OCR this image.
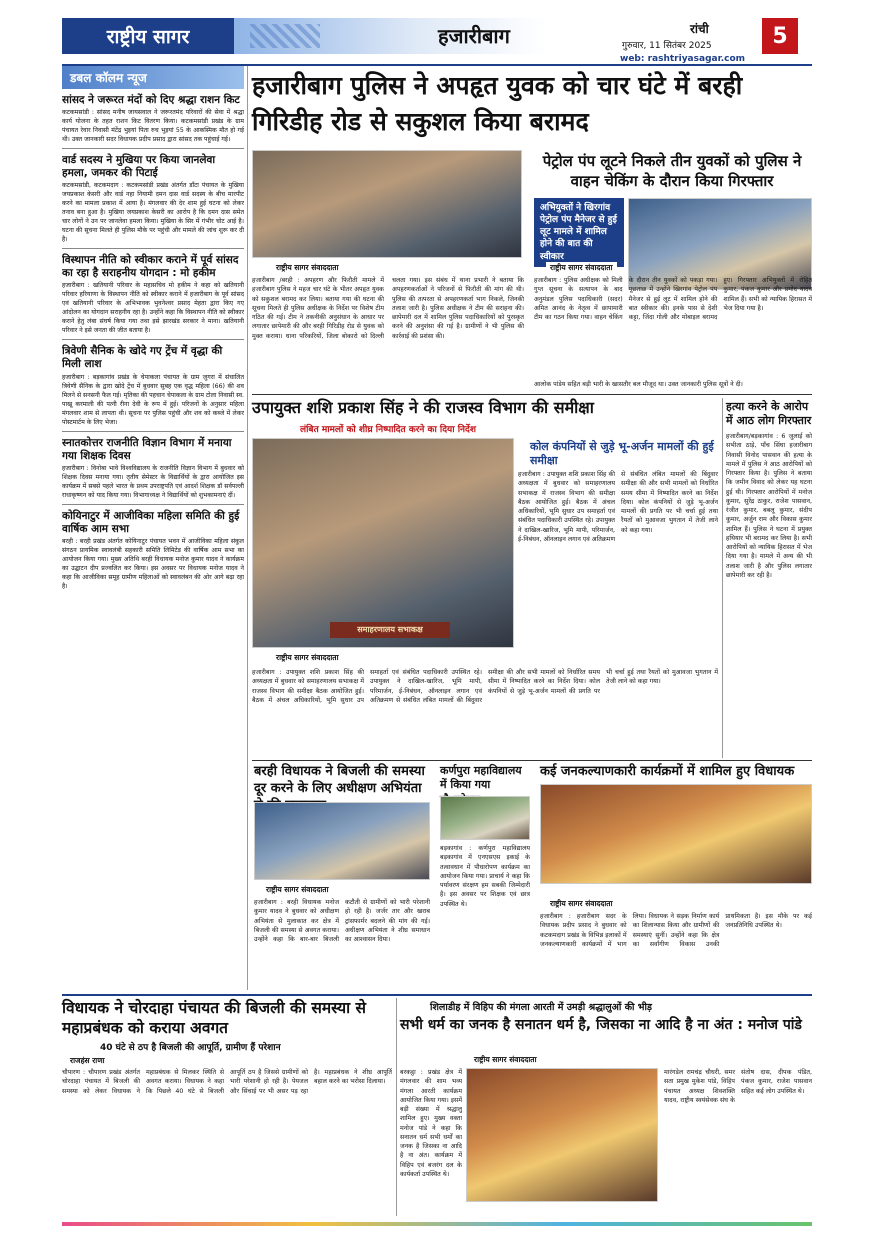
राष्ट्रीय सागर	हजारीबाग	रांची
गुरुवार, 11 सितंबर 2025
web: rashtriyasagar.com
5
डबल कॉलम न्यूज
सांसद ने जरूरत मंदों को दिए श्रद्धा राशन किट
कटकमसांडी : सांसद मनीष जायसवाल ने जरूरतमंद परिवारों की सेवा में श्रद्धा कार्य योजना के तहत राशन किट वितरण किया। कटकमसांडी प्रखंड के ग्राम पंचायत रेवार निवासी मंटेंद्र भुइयां पिता रुच भुइयां 55 के आकस्मिक मौत हो गई थी। उक्त जानकारी सदर विधायक प्रदीप प्रसाद द्वारा सांसद तक पहुंचाई गई।
वार्ड सदस्य ने मुखिया पर किया जानलेवा हमला, जमकर की पिटाई
कटकमसांडी, कटकमदाग : कटकमसांडी प्रखंड अंतर्गत डाँटा पंचायत के मुखिया जयप्रकाश केसरी और वार्ड नहा नियामी दमन दास वार्ड सदस्य के बीच मारपीट करने का मामला प्रकाश में आया है। मंगलवार की देर शाम हुई घटना को लेकर तनाव बना हुआ है। मुखिया जयप्रकाश केसरी का आरोप है कि दमन दास समेत चार लोगों ने उन पर जानलेवा हमला किया। मुखिया के सिर में गंभीर चोट आई है। घटना की सूचना मिलते ही पुलिस मौके पर पहुंची और मामले की जांच शुरू कर दी है।
विस्थापन नीति को स्वीकार कराने में पूर्व सांसद का रहा है सराहनीय योगदान : मो हकीम
हजारीबाग : खतियानी परिवार के महासचिव मो हकीम ने कहा को खतियानी परिवार हरियाणा के विस्थापन नीति को स्वीकार कराने में हजारीबाग के पूर्व सांसद एवं खतियानी परिवार के अभिभावक भुवनेश्वर प्रसाद मेहता द्वारा किए गए आंदोलन का योगदान सराहनीय रहा है। उन्होंने कहा कि विस्थापन नीति को स्वीकार कराने हेतु लंबा संघर्ष किया गया तथा इसे झारखंड सरकार ने माना। खतियानी परिवार ने इसे जनता की जीत बताया है।
त्रिवेणी सैनिक के खोदे गए ट्रेंच में वृद्धा की मिली लाश
हजारीबाग : बड़कागांव प्रखंड के चेपाकला पंचायत के ग्राम जुगरा में संचालित त्रिवेणी सैनिक के द्वारा खोदे ट्रेंच में बुधवार सुबह एक वृद्ध महिला (66) की शव मिलने से सनसनी फैल गई। मृतिका की पहचान चेपाकला के ग्राम टोला निवासी स्व. पाखू करमाली की पत्नी रीना देवी के रूप में हुई। परिजनों के अनुसार महिला मंगलवार शाम से लापता थी। सूचना पर पुलिस पहुंची और शव को कब्जे में लेकर पोस्टमार्टम के लिए भेजा।
स्नातकोत्तर राजनीति विज्ञान विभाग में मनाया गया शिक्षक दिवस
हजारीबाग : विनोबा भावे विश्वविद्यालय के राजनीति विज्ञान विभाग में बुधवार को शिक्षक दिवस मनाया गया। तृतीय सेमेस्टर के विद्यार्थियों के द्वारा आयोजित इस कार्यक्रम में सबसे पहले भारत के प्रथम उपराष्ट्रपति एवं आदर्श शिक्षक डॉ सर्वपल्ली राधाकृष्णन को याद किया गया। विभागाध्यक्ष ने विद्यार्थियों को शुभकामनाएं दीं।
कोयिनाटुर में आजीविका महिला समिति की हुई वार्षिक आम सभा
बरही : बरही प्रखंड अंतर्गत कोयिनाटुर पंचायत भवन में आजीविका महिला संकुल संगठन प्रायमिक स्वावलंबी सहकारी समिति लिमिटेड की वार्षिक आम सभा का आयोजन किया गया। मुख्य अतिथि बरही विधायक मनोज कुमार यादव ने कार्यक्रम का उद्घाटन दीप प्रज्वलित कर किया। इस अवसर पर विधायक मनोज यादव ने कहा कि आजीविका समूह ग्रामीण महिलाओं को स्वावलंबन की ओर आगे बढ़ा रहा है।
हजारीबाग पुलिस ने अपहृत युवक को चार घंटे में बरही गिरिडीह रोड से सकुशल किया बरामद
राष्ट्रीय सागर संवाददाता
हजारीबाग /बरही : अपहरण और फिरौती मामले में हजारीबाग पुलिस ने महज चार घंटे के भीतर अपहृत युवक को सकुशल बरामद कर लिया। बताया गया की घटना की सूचना मिलते ही पुलिस अधीक्षक के निर्देश पर विशेष टीम गठित की गई। टीम ने तकनीकी अनुसंधान के आधार पर लगातार छापेमारी की और बरही गिरिडीह रोड से युवक को मुक्त कराया। धाना परिकरियों, जिला बोकारो को दिल्ली चलता गया। इस संबंध में थाना प्रभारी ने बताया कि अपहरणकर्ताओं ने परिजनों से फिरौती की मांग की थी। पुलिस की तत्परता से अपहरणकर्ता भाग निकले, जिनकी तलाश जारी है। पुलिस अधीक्षक ने टीम की सराहना की। छापेमारी दल में शामिल पुलिस पदाधिकारियों को पुरस्कृत करने की अनुशंसा की गई है। ग्रामीणों ने भी पुलिस की कार्रवाई की प्रशंसा की।
पेट्रोल पंप लूटने निकले तीन युवकों को पुलिस ने वाहन चेकिंग के दौरान किया गिरफ्तार
अभियुक्तों ने खिरगांव पेट्रोल पंप मैनेजर से हुई लूट मामले में शामिल होने की बात की स्वीकार
राष्ट्रीय सागर संवाददाता
हजारीबाग : पुलिस अधीक्षक को मिली गुप्त सूचना के सत्यापन के बाद अनुमंडल पुलिस पदाधिकारी (सदर) अमित आनंद के नेतृत्व में छापामारी टीम का गठन किया गया। वाहन चेकिंग के दौरान तीन युवकों को पकड़ा गया। पूछताछ में उन्होंने खिरगांव पेट्रोल पंप मैनेजर से हुई लूट में शामिल होने की बात स्वीकार की। इनके पास से देशी कट्टा, जिंदा गोली और मोबाइल बरामद हुए। गिरफ्तार अभियुक्तों में रोहित कुमार, पंकज कुमार और प्रमोद यादव शामिल हैं। सभी को न्यायिक हिरासत में भेज दिया गया है।
आलोक पांडेय सहित बड़ी भारी के खासतौर बल मौजूद था। उक्त जानकारी पुलिस सूत्रों ने दी।
उपायुक्त शशि प्रकाश सिंह ने की राजस्व विभाग की समीक्षा
लंबित मामलों को शीघ्र निष्पादित करने का दिया निर्देश
समाहरणालय सभाकक्ष
राष्ट्रीय सागर संवाददाता
कोल कंपनियों से जुड़े भू-अर्जन मामलों की हुई समीक्षा
हजारीबाग : उपायुक्त शशि प्रकाश सिंह की अध्यक्षता में बुधवार को समाहरणालय सभाकक्ष में राजस्व विभाग की समीक्षा बैठक आयोजित हुई। बैठक में अंचल अधिकारियों, भूमि सुधार उप समाहर्ता एवं संबंधित पदाधिकारी उपस्थित रहे। उपायुक्त ने दाखिल-खारिज, भूमि मापी, परिमार्जन, ई-निबंधन, ऑनलाइन लगान एवं अतिक्रमण से संबंधित लंबित मामलों की बिंदुवार समीक्षा की और सभी मामलों को निर्धारित समय सीमा में निष्पादित करने का निर्देश दिया। कोल कंपनियों से जुड़े भू-अर्जन मामलों की प्रगति पर भी चर्चा हुई तथा रैयतों को मुआवजा भुगतान में तेजी लाने को कहा गया।
हजारीबाग : उपायुक्त शशि प्रकाश सिंह की अध्यक्षता में बुधवार को समाहरणालय सभाकक्ष में राजस्व विभाग की समीक्षा बैठक आयोजित हुई। बैठक में अंचल अधिकारियों, भूमि सुधार उप समाहर्ता एवं संबंधित पदाधिकारी उपस्थित रहे। उपायुक्त ने दाखिल-खारिज, भूमि मापी, परिमार्जन, ई-निबंधन, ऑनलाइन लगान एवं अतिक्रमण से संबंधित लंबित मामलों की बिंदुवार समीक्षा की और सभी मामलों को निर्धारित समय सीमा में निष्पादित करने का निर्देश दिया। कोल कंपनियों से जुड़े भू-अर्जन मामलों की प्रगति पर भी चर्चा हुई तथा रैयतों को मुआवजा भुगतान में तेजी लाने को कहा गया।
हत्या करने के आरोप में आठ लोग गिरफ्तार
हजारीबाग/बड़कागांव : 6 जुलाई को सभीता ठाड़े, पाँच सिंघा हजारीबाग निवासी विनोद पासवान की हत्या के मामले में पुलिस ने आठ आरोपियों को गिरफ्तार किया है। पुलिस ने बताया कि जमीन विवाद को लेकर यह घटना हुई थी। गिरफ्तार आरोपियों में मनोज कुमार, सुरेंद्र ठाकुर, राजेश पासवान, रंजीत कुमार, बबलू कुमार, संदीप कुमार, अर्जुन राम और विकास कुमार शामिल हैं। पुलिस ने घटना में प्रयुक्त हथियार भी बरामद कर लिया है। सभी आरोपियों को न्यायिक हिरासत में भेज दिया गया है। मामले में अन्य की भी तलाश जारी है और पुलिस लगातार छापेमारी कर रही है।
बरही विधायक ने बिजली की समस्या दूर करने के लिए अधीक्षण अभियंता
राष्ट्रीय सागर संवाददाता
हजारीबाग : बरही विधायक मनोज कुमार यादव ने बुधवार को अधीक्षण अभियंता से मुलाकात कर क्षेत्र में बिजली की समस्या से अवगत कराया। उन्होंने कहा कि बार-बार बिजली कटौती से ग्रामीणों को भारी परेशानी हो रही है। जर्जर तार और खराब ट्रांसफार्मर बदलने की मांग की गई। अधीक्षण अभियंता ने शीघ्र समाधान का आश्वासन दिया।
कर्णपुरा महाविद्यालय में किया गया
बड़कागांव : कर्णपुरा महाविद्यालय बड़कागांव में एनएसएस इकाई के तत्वावधान में पौधारोपण कार्यक्रम का आयोजन किया गया। प्राचार्य ने कहा कि पर्यावरण संरक्षण हम सबकी जिम्मेदारी है। इस अवसर पर शिक्षक एवं छात्र उपस्थित थे।
कई जनकल्याणकारी कार्यक्रमों में शामिल हुए विधायक
राष्ट्रीय सागर संवाददाता
हजारीबाग : हजारीबाग सदर के विधायक प्रदीप प्रसाद ने बुधवार को कटकमदाग प्रखंड के विभिन्न इलाकों में जनकल्याणकारी कार्यक्रमों में भाग लिया। विधायक ने सड़क निर्माण कार्य का शिलान्यास किया और ग्रामीणों की समस्याएं सुनीं। उन्होंने कहा कि क्षेत्र का सर्वांगीण विकास उनकी प्राथमिकता है। इस मौके पर कई जनप्रतिनिधि उपस्थित थे।
विधायक ने चोरदाहा पंचायत की बिजली की समस्या से महाप्रबंधक को कराया अवगत
40 घंटे से ठप है बिजली की आपूर्ति, ग्रामीण हैं परेशान
राजहंस राणा
चौपारण : चौपारण प्रखंड अंतर्गत चोरदाहा पंचायत में बिजली की समस्या को लेकर विधायक ने महाप्रबंधक से मिलकर स्थिति से अवगत कराया। विधायक ने कहा कि पिछले 40 घंटे से बिजली आपूर्ति ठप है जिससे ग्रामीणों को भारी परेशानी हो रही है। पेयजल और सिंचाई पर भी असर पड़ रहा है। महाप्रबंधक ने शीघ्र आपूर्ति बहाल करने का भरोसा दिलाया।
शिलाडीह में विहिप की मंगला आरती में उमड़ी श्रद्धालुओं की भीड़
सभी धर्म का जनक है सनातन धर्म है, जिसका ना आदि है ना अंत : मनोज पांडे
राष्ट्रीय सागर संवाददाता
बरकट्ठा : प्रखंड क्षेत्र में मंगलवार की शाम भव्य मंगला आरती कार्यक्रम आयोजित किया गया। इसमें बड़ी संख्या में श्रद्धालु शामिल हुए। मुख्य वक्ता मनोज पांडे ने कहा कि सनातन धर्म सभी धर्मों का जनक है जिसका ना आदि है ना अंत। कार्यक्रम में विहिप एवं बजरंग दल के कार्यकर्ता उपस्थित थे।
मारंगडेल रामचंद्र चौधरी, समर सता प्रमुख मुकेश पांडे, विहिप पंचायत अध्यक्ष शिवशक्ति यादव, राष्ट्रीय स्वयंसेवक संघ के संतोष दास, दीपक पंडित, पंकज कुमार, राजेश पासवान सहित कई लोग उपस्थित थे।
